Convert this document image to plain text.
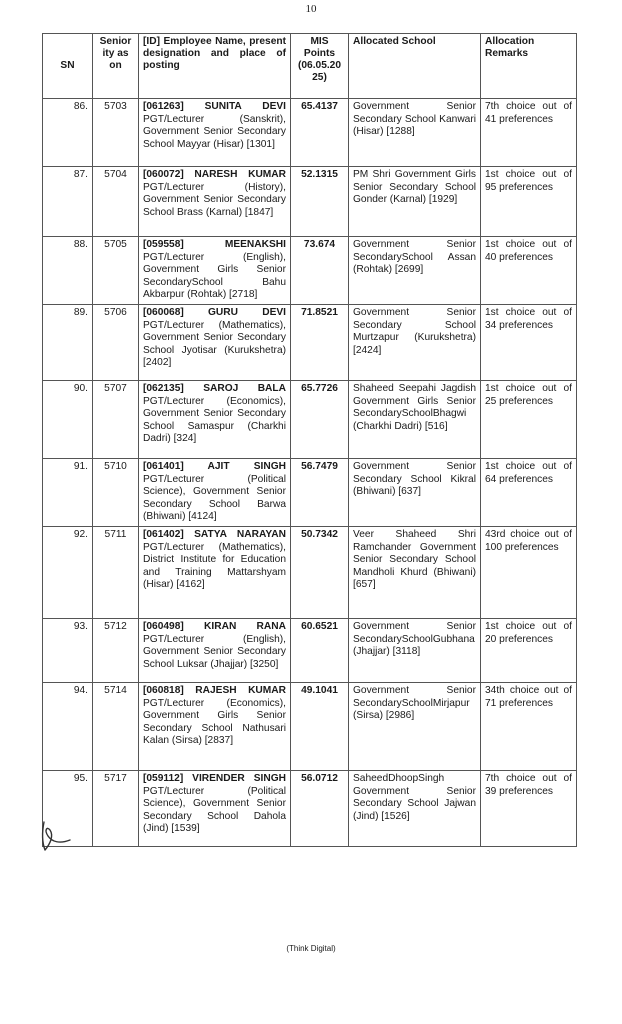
10
SN	Senior ity as on	[ID] Employee Name, present designation and place of posting	MIS Points (06.05.20 25)	Allocated School	Allocation Remarks
86.	5703	[061263] SUNITA DEVI PGT/Lecturer (Sanskrit), Government Senior Secondary School Mayyar (Hisar) [1301]	65.4137	Government Senior Secondary School Kanwari (Hisar) [1288]	7th choice out of 41 preferences
87.	5704	[060072] NARESH KUMAR PGT/Lecturer (History), Government Senior Secondary School Brass (Karnal) [1847]	52.1315	PM Shri Government Girls Senior Secondary School Gonder (Karnal) [1929]	1st choice out of 95 preferences
88.	5705	[059558] MEENAKSHI PGT/Lecturer (English), Government Girls Senior SecondarySchool Bahu Akbarpur (Rohtak) [2718]	73.674	Government Senior SecondarySchool Assan (Rohtak) [2699]	1st choice out of 40 preferences
89.	5706	[060068] GURU DEVI PGT/Lecturer (Mathematics), Government Senior Secondary School Jyotisar (Kurukshetra) [2402]	71.8521	Government Senior Secondary School Murtzapur (Kurukshetra) [2424]	1st choice out of 34 preferences
90.	5707	[062135] SAROJ BALA PGT/Lecturer (Economics), Government Senior Secondary School Samaspur (Charkhi Dadri) [324]	65.7726	Shaheed Seepahi Jagdish Government Girls Senior SecondarySchoolBhagwi (Charkhi Dadri) [516]	1st choice out of 25 preferences
91.	5710	[061401] AJIT SINGH PGT/Lecturer (Political Science), Government Senior Secondary School Barwa (Bhiwani) [4124]	56.7479	Government Senior Secondary School Kikral (Bhiwani) [637]	1st choice out of 64 preferences
92.	5711	[061402] SATYA NARAYAN PGT/Lecturer (Mathematics), District Institute for Education and Training Mattarshyam (Hisar) [4162]	50.7342	Veer Shaheed Shri Ramchander Government Senior Secondary School Mandholi Khurd (Bhiwani) [657]	43rd choice out of 100 preferences
93.	5712	[060498] KIRAN RANA PGT/Lecturer (English), Government Senior Secondary School Luksar (Jhajjar) [3250]	60.6521	Government Senior SecondarySchoolGubhana (Jhajjar) [3118]	1st choice out of 20 preferences
94.	5714	[060818] RAJESH KUMAR PGT/Lecturer (Economics), Government Girls Senior Secondary School Nathusari Kalan (Sirsa) [2837]	49.1041	Government Senior SecondarySchoolMirjapur (Sirsa) [2986]	34th choice out of 71 preferences
95.	5717	[059112] VIRENDER SINGH PGT/Lecturer (Political Science), Government Senior Secondary School Dahola (Jind) [1539]	56.0712	SaheedDhoopSingh Government Senior Secondary School Jajwan (Jind) [1526]	7th choice out of 39 preferences
(Think Digital)
